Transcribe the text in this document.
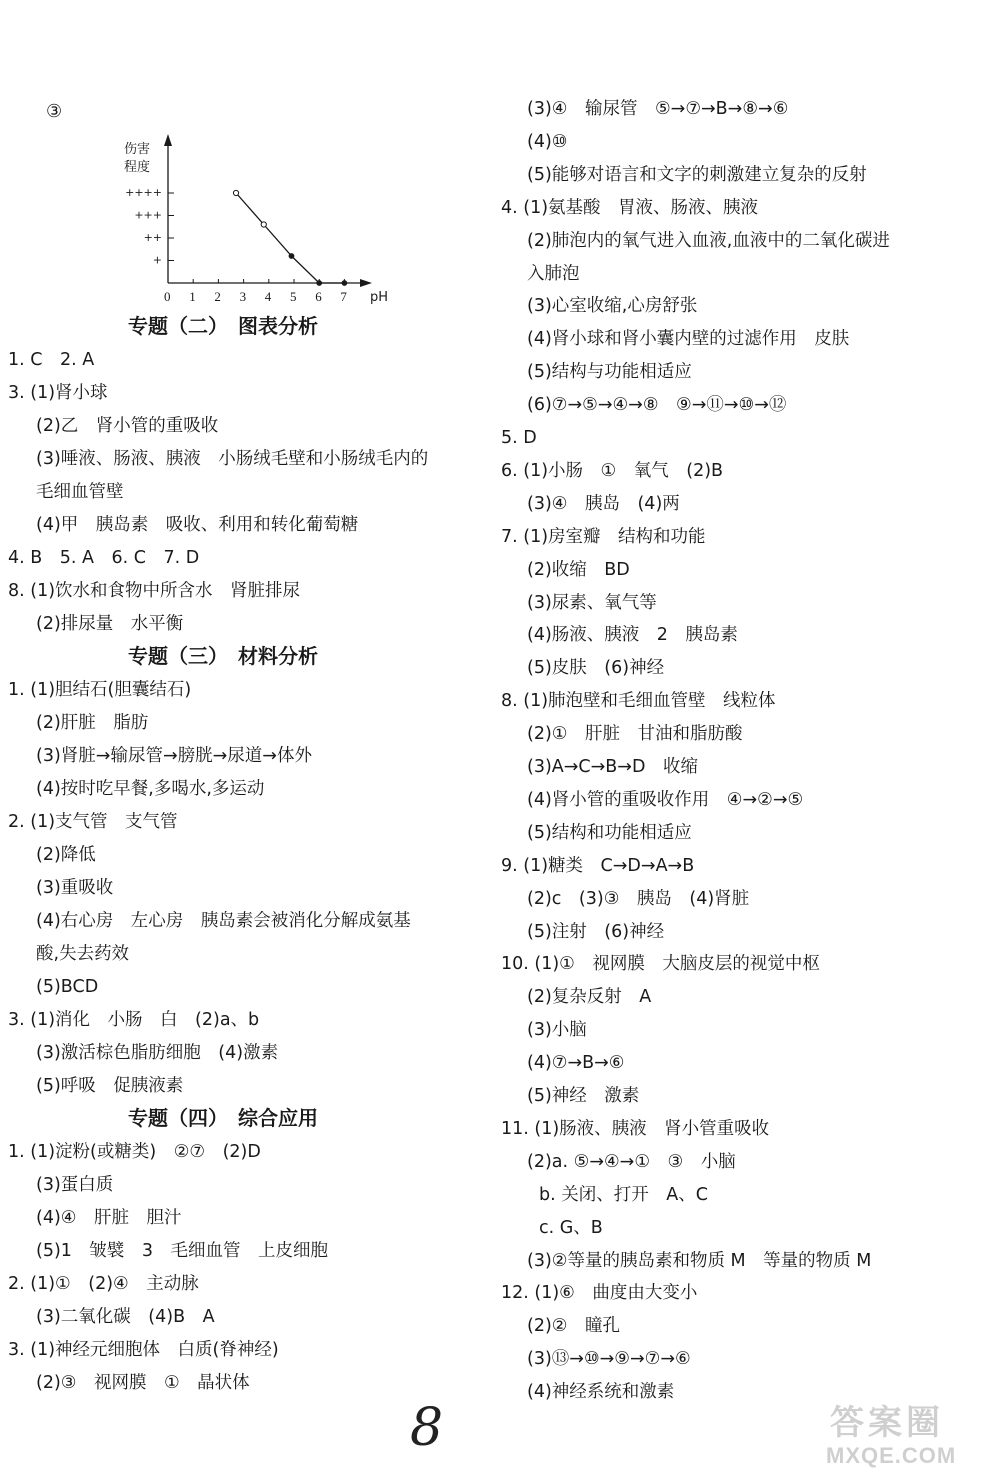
③
伤害
程度
pH
0 1 2 3 4 5 6 7
+
++
+++
++++
专题（二）　图表分析
1. C　2. A
3. (1)肾小球
(2)乙　肾小管的重吸收
(3)唾液、肠液、胰液　小肠绒毛壁和小肠绒毛内的
毛细血管壁
(4)甲　胰岛素　吸收、利用和转化葡萄糖
4. B　5. A　6. C　7. D
8. (1)饮水和食物中所含水　肾脏排尿
(2)排尿量　水平衡
专题（三）　材料分析
1. (1)胆结石(胆囊结石)
(2)肝脏　脂肪
(3)肾脏→输尿管→膀胱→尿道→体外
(4)按时吃早餐,多喝水,多运动
2. (1)支气管　支气管
(2)降低
(3)重吸收
(4)右心房　左心房　胰岛素会被消化分解成氨基
酸,失去药效
(5)BCD
3. (1)消化　小肠　白　(2)a、b
(3)激活棕色脂肪细胞　(4)激素
(5)呼吸　促胰液素
专题（四）　综合应用
1. (1)淀粉(或糖类)　②⑦　(2)D
(3)蛋白质
(4)④　肝脏　胆汁
(5)1　皱襞　3　毛细血管　上皮细胞
2. (1)①　(2)④　主动脉
(3)二氧化碳　(4)B　A
3. (1)神经元细胞体　白质(脊神经)
(2)③　视网膜　①　晶状体
(3)④　输尿管　⑤→⑦→B→⑧→⑥
(4)⑩
(5)能够对语言和文字的刺激建立复杂的反射
4. (1)氨基酸　胃液、肠液、胰液
(2)肺泡内的氧气进入血液,血液中的二氧化碳进
入肺泡
(3)心室收缩,心房舒张
(4)肾小球和肾小囊内壁的过滤作用　皮肤
(5)结构与功能相适应
(6)⑦→⑤→④→⑧　⑨→⑪→⑩→⑫
5. D
6. (1)小肠　①　氧气　(2)B
(3)④　胰岛　(4)两
7. (1)房室瓣　结构和功能
(2)收缩　BD
(3)尿素、氧气等
(4)肠液、胰液　2　胰岛素
(5)皮肤　(6)神经
8. (1)肺泡壁和毛细血管壁　线粒体
(2)①　肝脏　甘油和脂肪酸
(3)A→C→B→D　收缩
(4)肾小管的重吸收作用　④→②→⑤
(5)结构和功能相适应
9. (1)糖类　C→D→A→B
(2)c　(3)③　胰岛　(4)肾脏
(5)注射　(6)神经
10. (1)①　视网膜　大脑皮层的视觉中枢
(2)复杂反射　A
(3)小脑
(4)⑦→B→⑥
(5)神经　激素
11. (1)肠液、胰液　肾小管重吸收
(2)a. ⑤→④→①　③　小脑
b. 关闭、打开　A、C
c. G、B
(3)②等量的胰岛素和物质 M　等量的物质 M
12. (1)⑥　曲度由大变小
(2)②　瞳孔
(3)⑬→⑩→⑨→⑦→⑥
(4)神经系统和激素
8	答案圈
MXQE.COM
